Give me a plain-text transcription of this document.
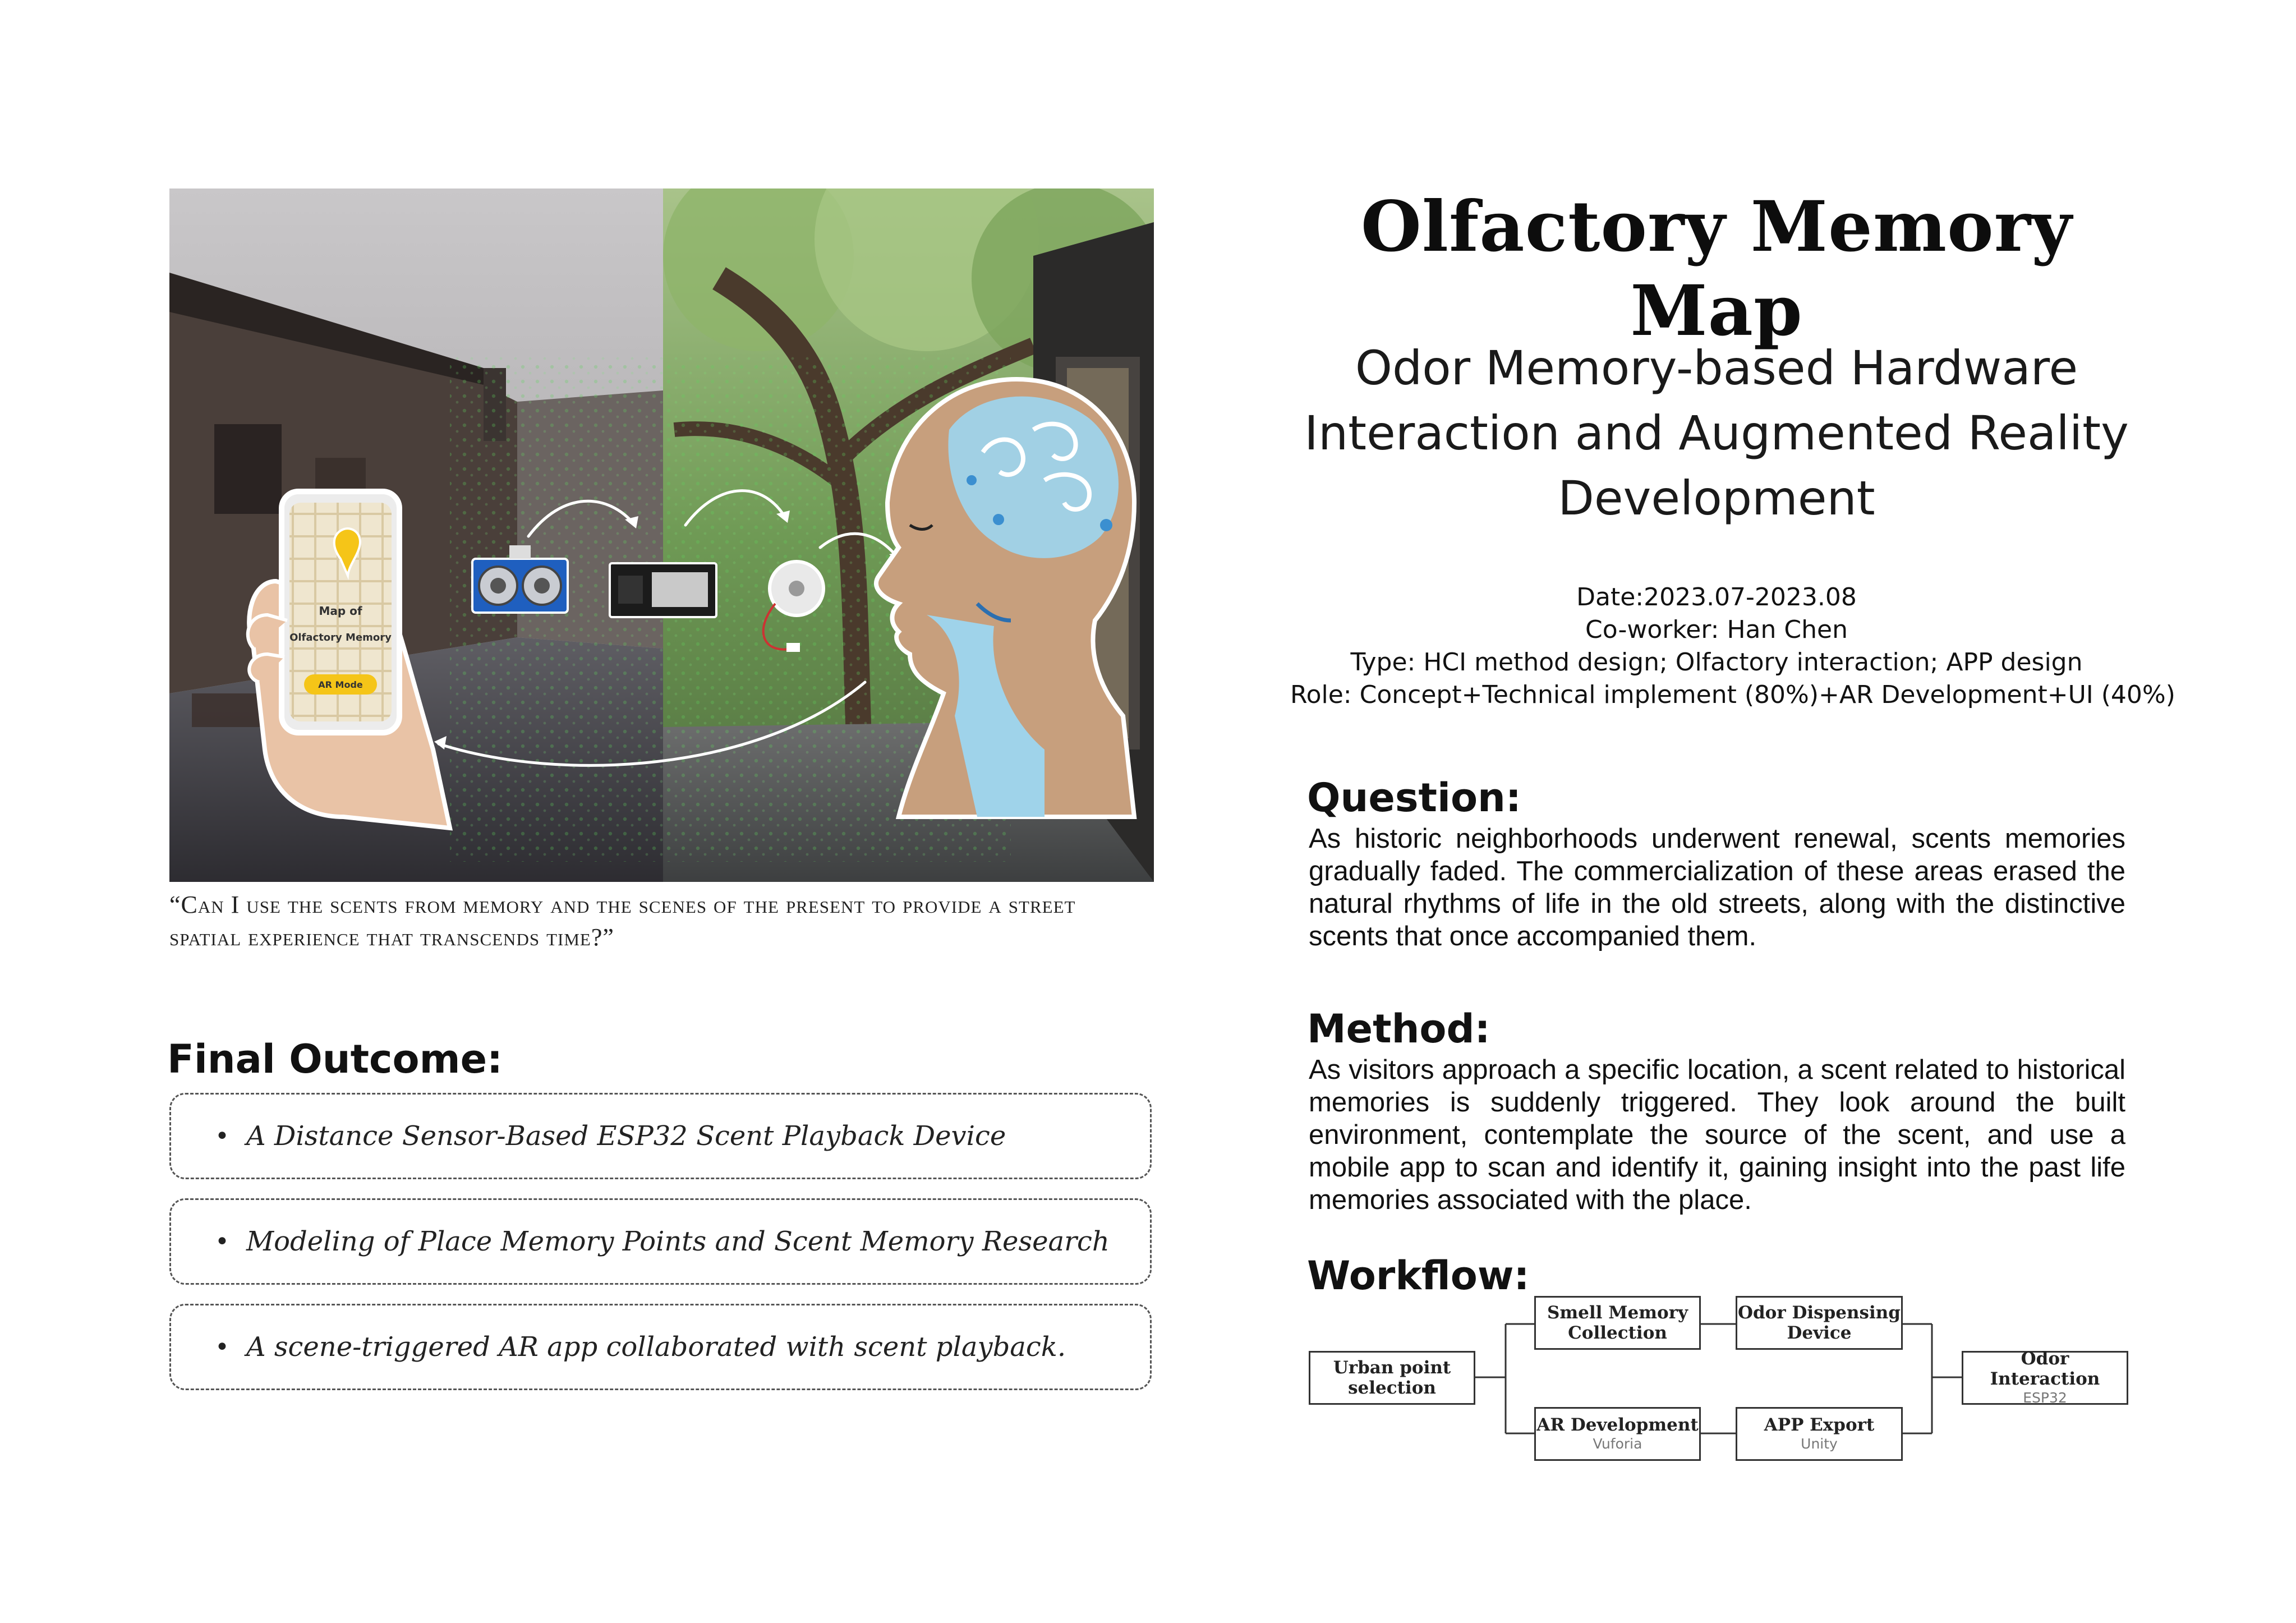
Map of
Olfactory Memory
AR Mode
“Can I use the scents from memory and the scenes of the present to provide a street spatial experience that transcends time?”
Final Outcome:
• A Distance Sensor-Based ESP32 Scent Playback Device
• Modeling of Place Memory Points and Scent Memory Research
• A scene-triggered AR app collaborated with scent playback.
Olfactory Memory Map
Odor Memory-based Hardware
Interaction and Augmented Reality
Development
Date:2023.07-2023.08
Co-worker: Han Chen
Type: HCI method design; Olfactory interaction; APP design
Role: Concept+Technical implement (80%)+AR Development+UI (40%)
Question:
As historic neighborhoods underwent renewal, scents memories gradually faded. The commercialization of these areas erased the natural rhythms of life in the old streets, along with the distinctive scents that once accompanied them.
Method:
As visitors approach a specific location, a scent related to historical memories is suddenly triggered. They look around the built environment, contemplate the source of the scent, and use a mobile app to scan and identify it, gaining insight into the past life memories associated with the place.
Workflow:
Urban point
selection
Smell Memory
Collection
Odor Dispensing
Device
AR Development
Vuforia
APP Export
Unity
Odor Interaction
ESP32
